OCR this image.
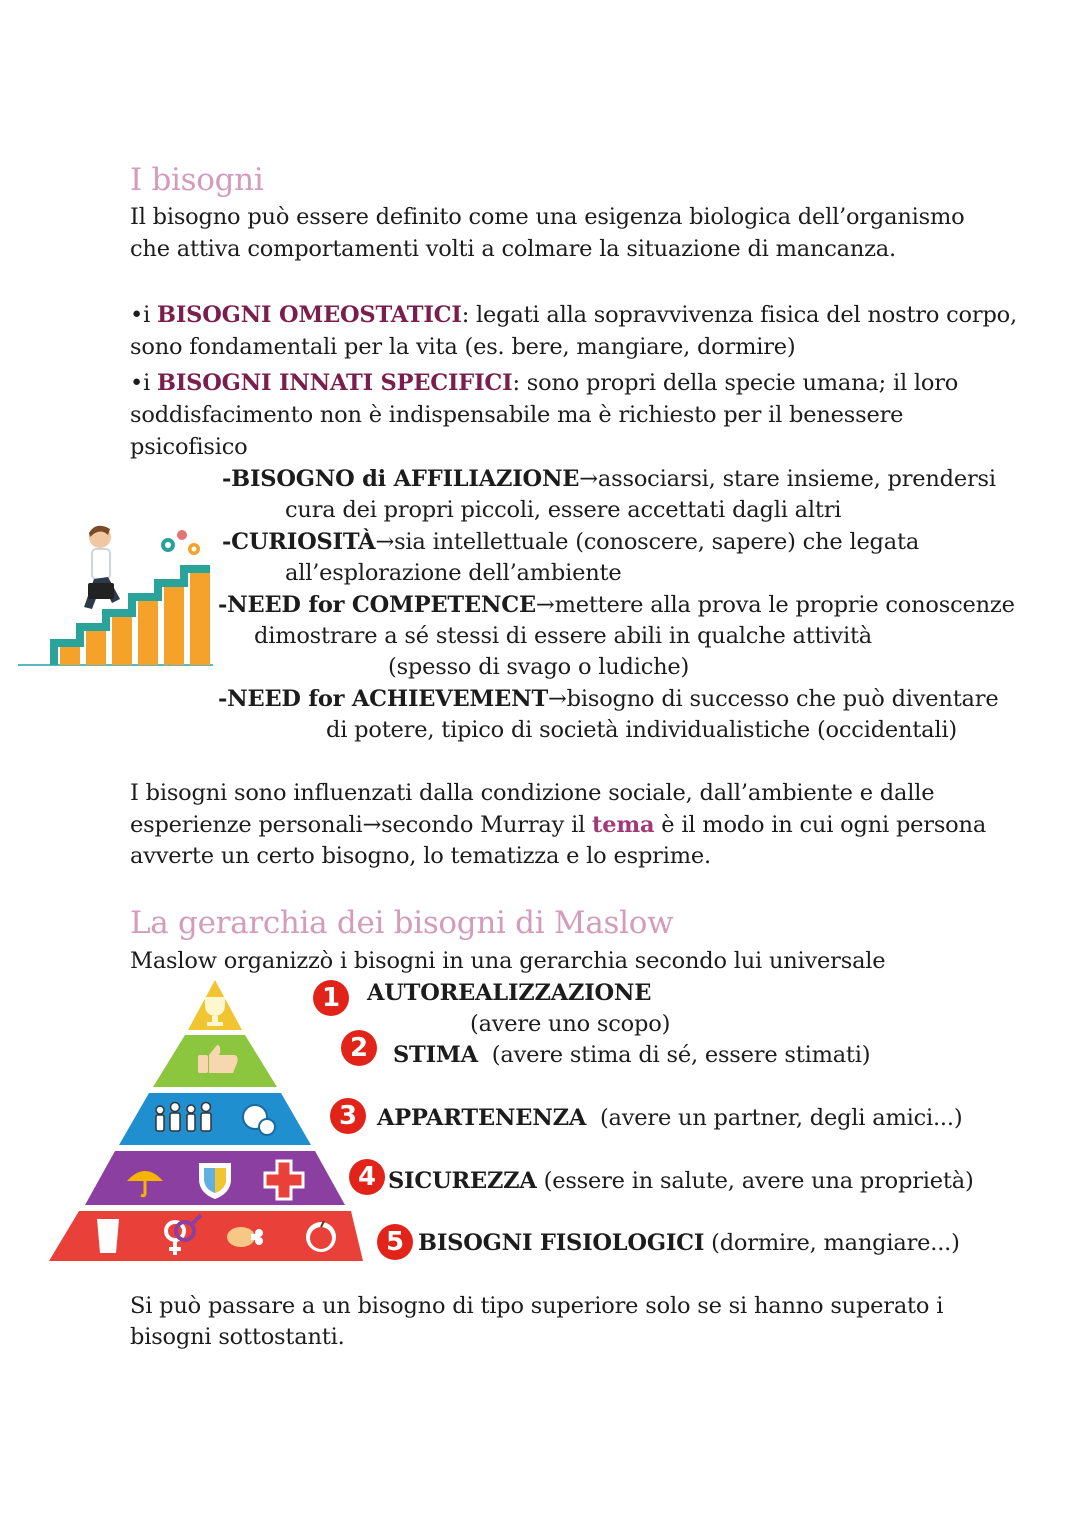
I bisogni
Il bisogno può essere definito come una esigenza biologica dell’organismo
che attiva comportamenti volti a colmare la situazione di mancanza.
•i BISOGNI OMEOSTATICI: legati alla sopravvivenza fisica del nostro corpo,
sono fondamentali per la vita (es. bere, mangiare, dormire)
•i BISOGNI INNATI SPECIFICI: sono propri della specie umana; il loro
soddisfacimento non è indispensabile ma è richiesto per il benessere
psicofisico
-BISOGNO di AFFILIAZIONE→associarsi, stare insieme, prendersi
cura dei propri piccoli, essere accettati dagli altri
-CURIOSITÀ→sia intellettuale (conoscere, sapere) che legata
all’esplorazione dell’ambiente
-NEED for COMPETENCE→mettere alla prova le proprie conoscenze
dimostrare a sé stessi di essere abili in qualche attività
(spesso di svago o ludiche)
-NEED for ACHIEVEMENT→bisogno di successo che può diventare
di potere, tipico di società individualistiche (occidentali)
I bisogni sono influenzati dalla condizione sociale, dall’ambiente e dalle
esperienze personali→secondo Murray il tema è il modo in cui ogni persona
avverte un certo bisogno, lo tematizza e lo esprime.
La gerarchia dei bisogni di Maslow
Maslow organizzò i bisogni in una gerarchia secondo lui universale
1	AUTOREALIZZAZIONE
(avere uno scopo)
2	STIMA (avere stima di sé, essere stimati)
3 APPARTENENZA (avere un partner, degli amici...)
4 SICUREZZA (essere in salute, avere una proprietà)
5 BISOGNI FISIOLOGICI (dormire, mangiare...)
Si può passare a un bisogno di tipo superiore solo se si hanno superato i
bisogni sottostanti.
